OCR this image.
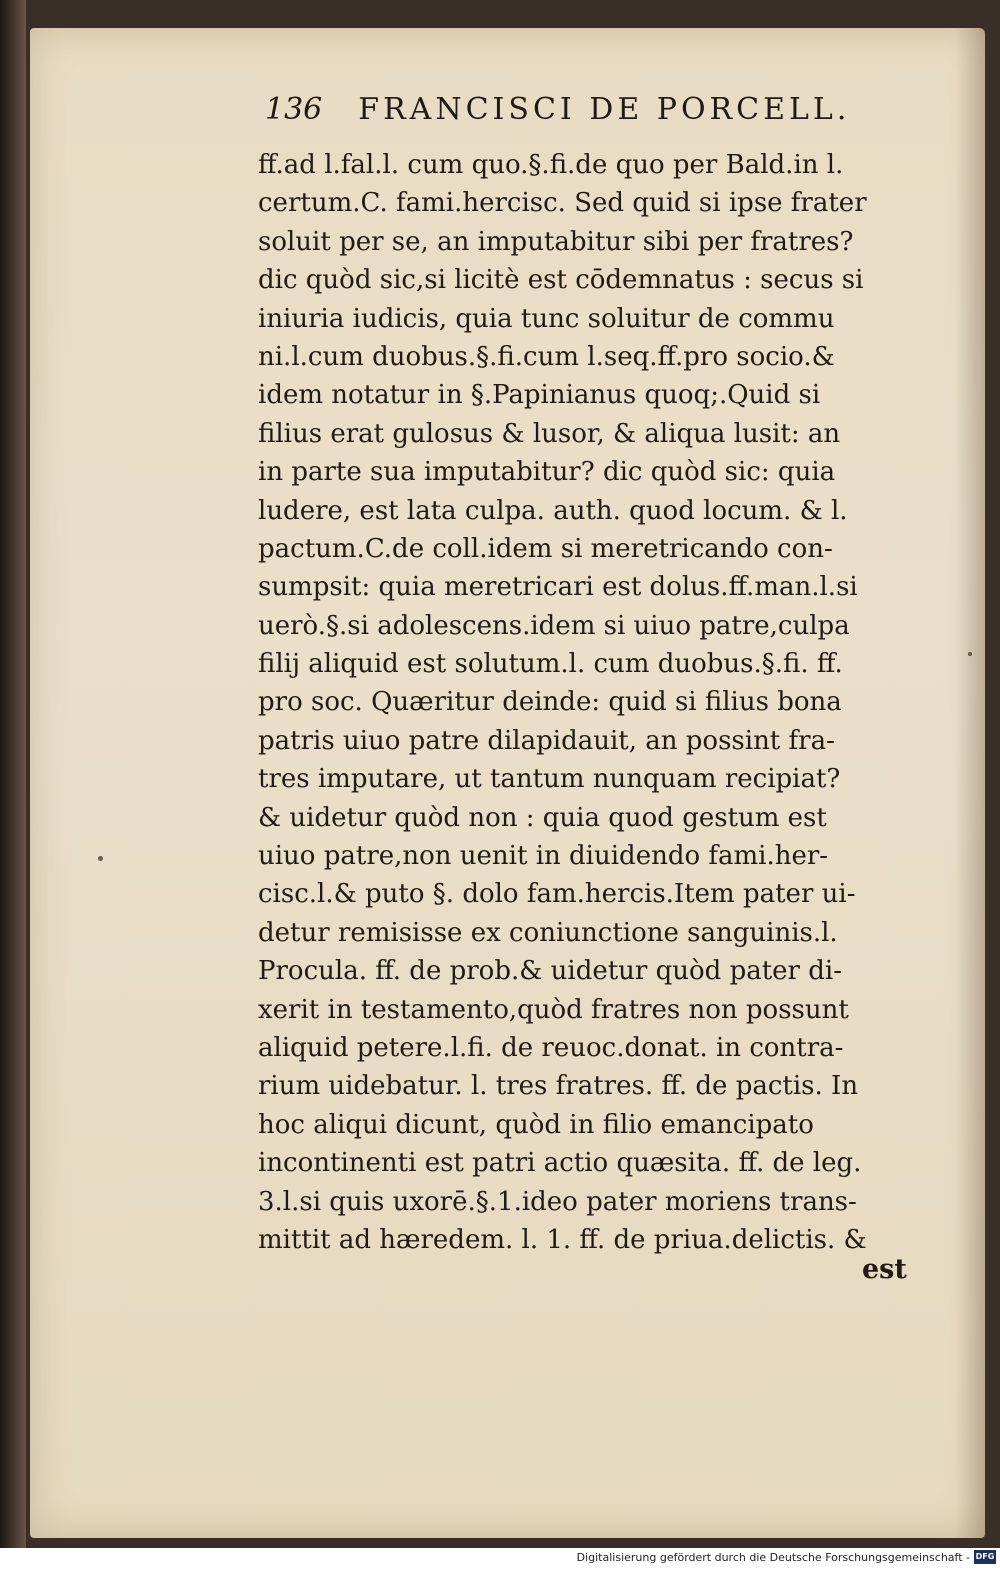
136 FRANCISCI DE PORCELL.
ff.ad l.fal.l. cum quo.§.fi.de quo per Bald.in l.
certum.C. fami.hercisc. Sed quid si ipse frater
soluit per se, an imputabitur sibi per fratres?
dic quòd sic,si licitè est cōdemnatus : secus si
iniuria iudicis, quia tunc soluitur de commu
ni.l.cum duobus.§.fi.cum l.seq.ff.pro socio.&
idem notatur in §.Papinianus quoq;.Quid si
filius erat gulosus & lusor, & aliqua lusit: an
in parte sua imputabitur? dic quòd sic: quia
ludere, est lata culpa. auth. quod locum. & l.
pactum.C.de coll.idem si meretricando con-
sumpsit: quia meretricari est dolus.ff.man.l.si
uerò.§.si adolescens.idem si uiuo patre,culpa
filij aliquid est solutum.l. cum duobus.§.fi. ff.
pro soc. Quæritur deinde: quid si filius bona
patris uiuo patre dilapidauit, an possint fra-
tres imputare, ut tantum nunquam recipiat?
& uidetur quòd non : quia quod gestum est
uiuo patre,non uenit in diuidendo fami.her-
cisc.l.& puto §. dolo fam.hercis.Item pater ui-
detur remisisse ex coniunctione sanguinis.l.
Procula. ff. de prob.& uidetur quòd pater di-
xerit in testamento,quòd fratres non possunt
aliquid petere.l.fi. de reuoc.donat. in contra-
rium uidebatur. l. tres fratres. ff. de pactis. In
hoc aliqui dicunt, quòd in filio emancipato
incontinenti est patri actio quæsita. ff. de leg.
3.l.si quis uxorē.§.1.ideo pater moriens trans-
mittit ad hæredem. l. 1. ff. de priua.delictis. &
est
Digitalisierung gefördert durch die Deutsche Forschungsgemeinschaft - DFG
